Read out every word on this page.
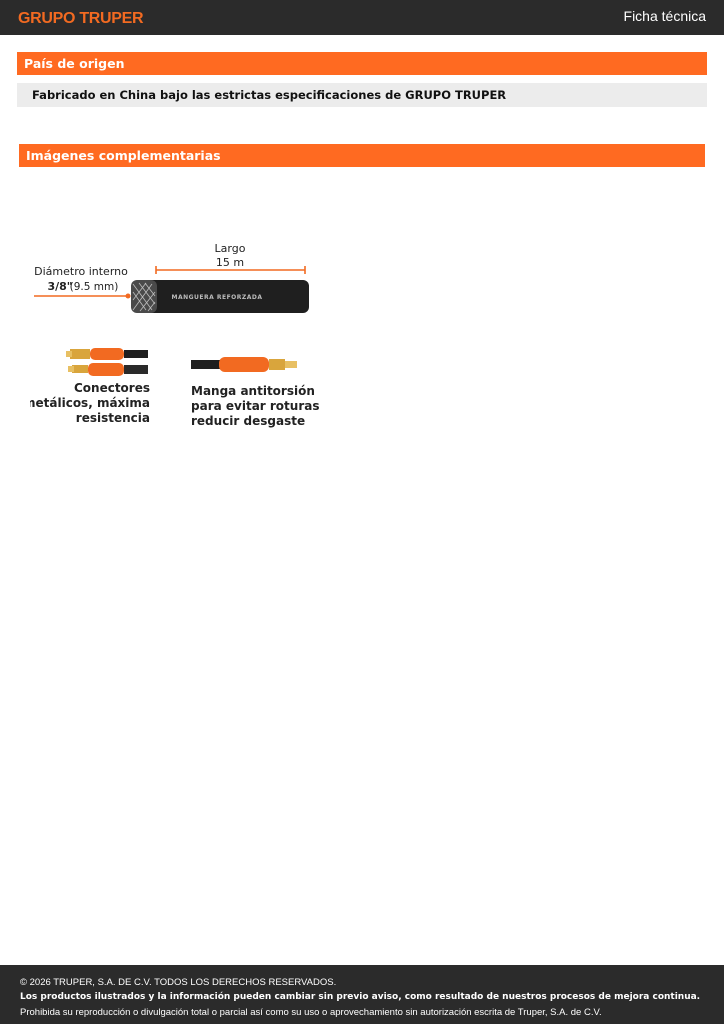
GRUPO TRUPER	Ficha técnica
País de origen
Fabricado en China bajo las estrictas especificaciones de GRUPO TRUPER
Imágenes complementarias
Largo
15 m
Diámetro interno
3/8"
(9.5 mm)
MANGUERA REFORZADA
Conectores
metálicos, máxima
resistencia
Manga antitorsión
para evitar roturas y
reducir desgaste
© 2026 TRUPER, S.A. DE C.V. TODOS LOS DERECHOS RESERVADOS.
Los productos ilustrados y la información pueden cambiar sin previo aviso, como resultado de nuestros procesos de mejora continua.
Prohibida su reproducción o divulgación total o parcial así como su uso o aprovechamiento sin autorización escrita de Truper, S.A. de C.V.
